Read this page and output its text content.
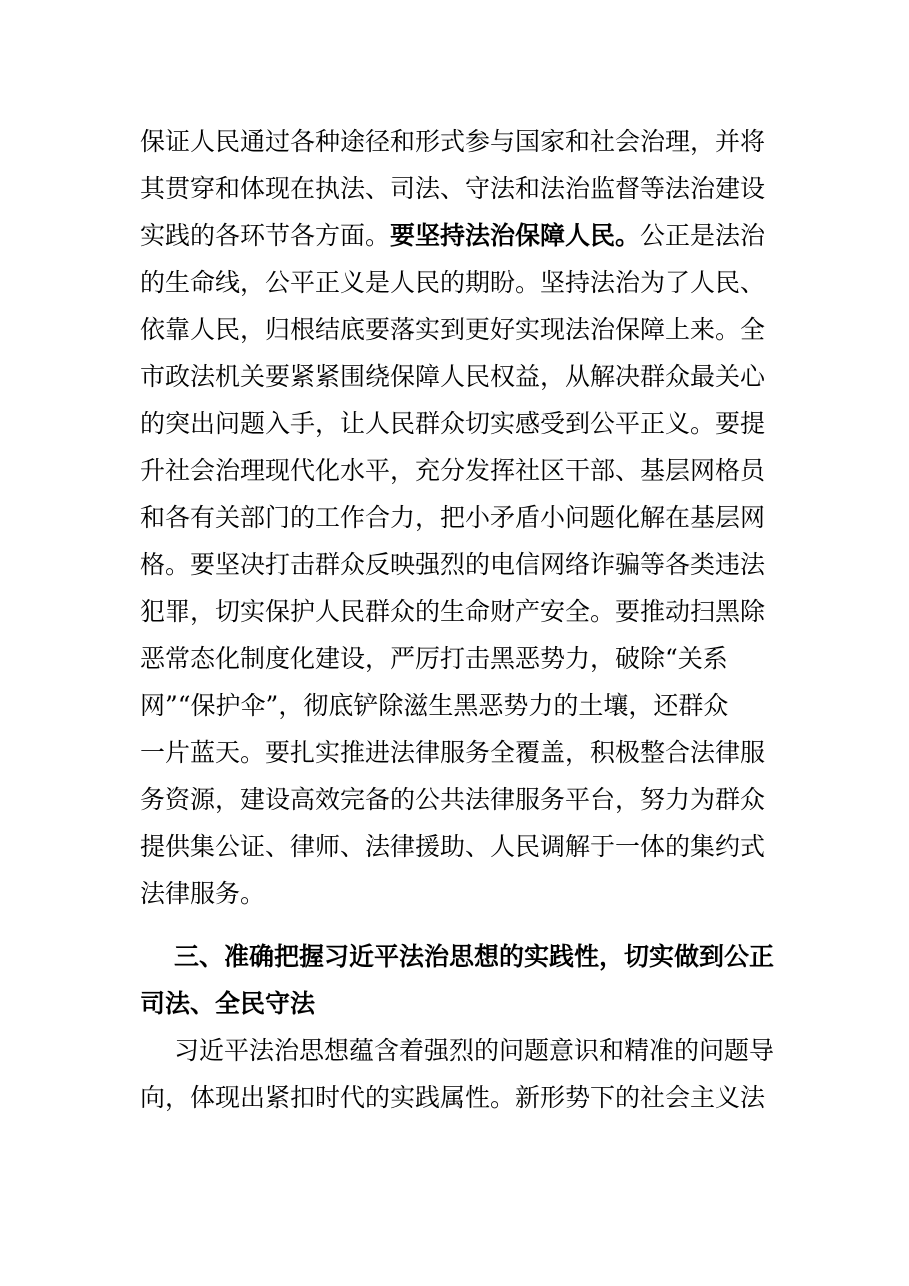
保证人民通过各种途径和形式参与国家和社会治理，并将
其贯穿和体现在执法、司法、守法和法治监督等法治建设
实践的各环节各方面。要坚持法治保障人民。公正是法治
的生命线，公平正义是人民的期盼。坚持法治为了人民、
依靠人民，归根结底要落实到更好实现法治保障上来。全
市政法机关要紧紧围绕保障人民权益，从解决群众最关心
的突出问题入手，让人民群众切实感受到公平正义。要提
升社会治理现代化水平，充分发挥社区干部、基层网格员
和各有关部门的工作合力，把小矛盾小问题化解在基层网
格。要坚决打击群众反映强烈的电信网络诈骗等各类违法
犯罪，切实保护人民群众的生命财产安全。要推动扫黑除
恶常态化制度化建设，严厉打击黑恶势力，破除“关系
网”“保护伞”，彻底铲除滋生黑恶势力的土壤，还群众
一片蓝天。要扎实推进法律服务全覆盖，积极整合法律服
务资源，建设高效完备的公共法律服务平台，努力为群众
提供集公证、律师、法律援助、人民调解于一体的集约式
法律服务。
三、准确把握习近平法治思想的实践性，切实做到公正
司法、全民守法
习近平法治思想蕴含着强烈的问题意识和精准的问题导
向，体现出紧扣时代的实践属性。新形势下的社会主义法
